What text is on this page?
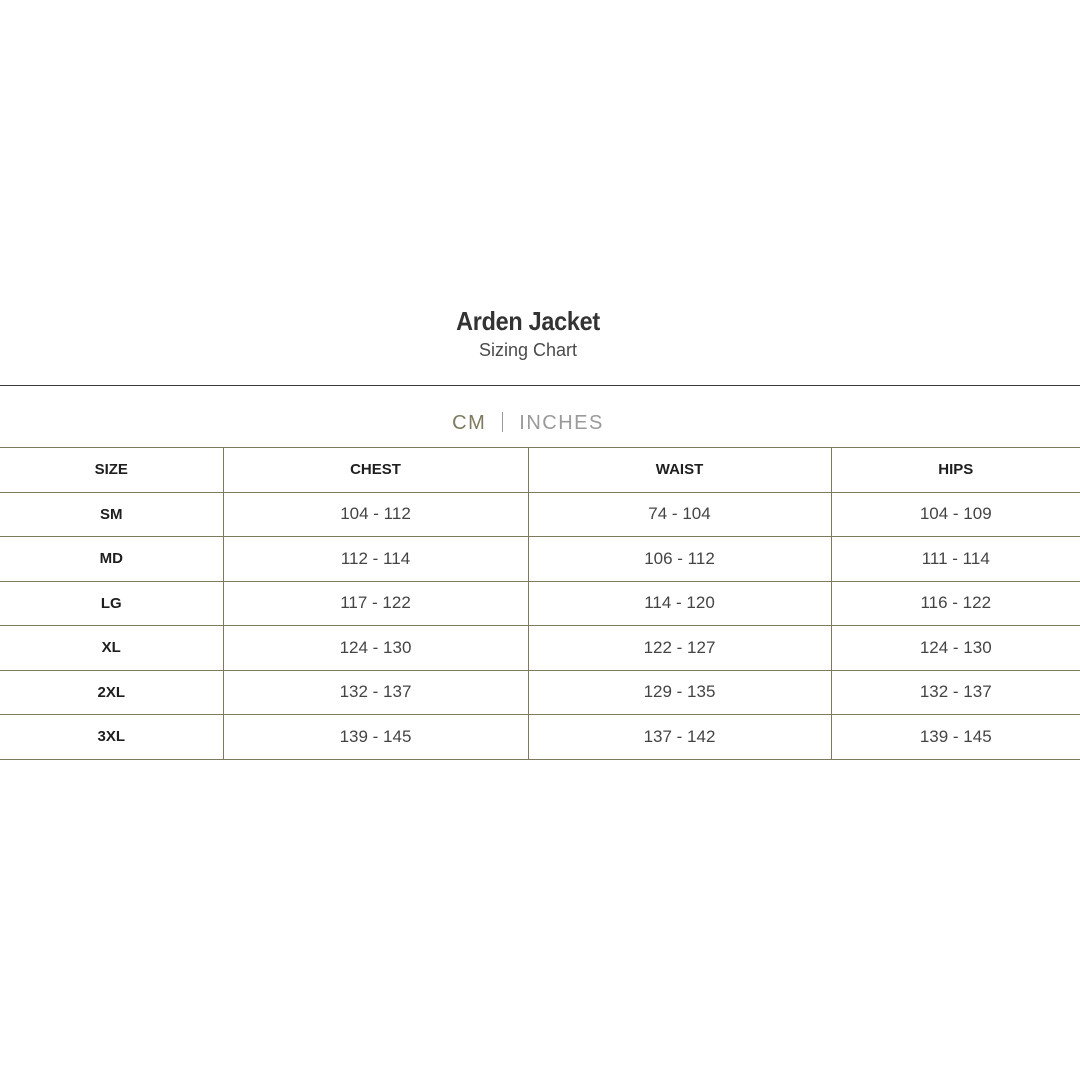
Arden Jacket
Sizing Chart
CM INCHES
SIZE	CHEST	WAIST	HIPS
SM	104 - 112	74 - 104	104 - 109
MD	112 - 114	106 - 112	111 - 114
LG	117 - 122	114 - 120	116 - 122
XL	124 - 130	122 - 127	124 - 130
2XL	132 - 137	129 - 135	132 - 137
3XL	139 - 145	137 - 142	139 - 145
